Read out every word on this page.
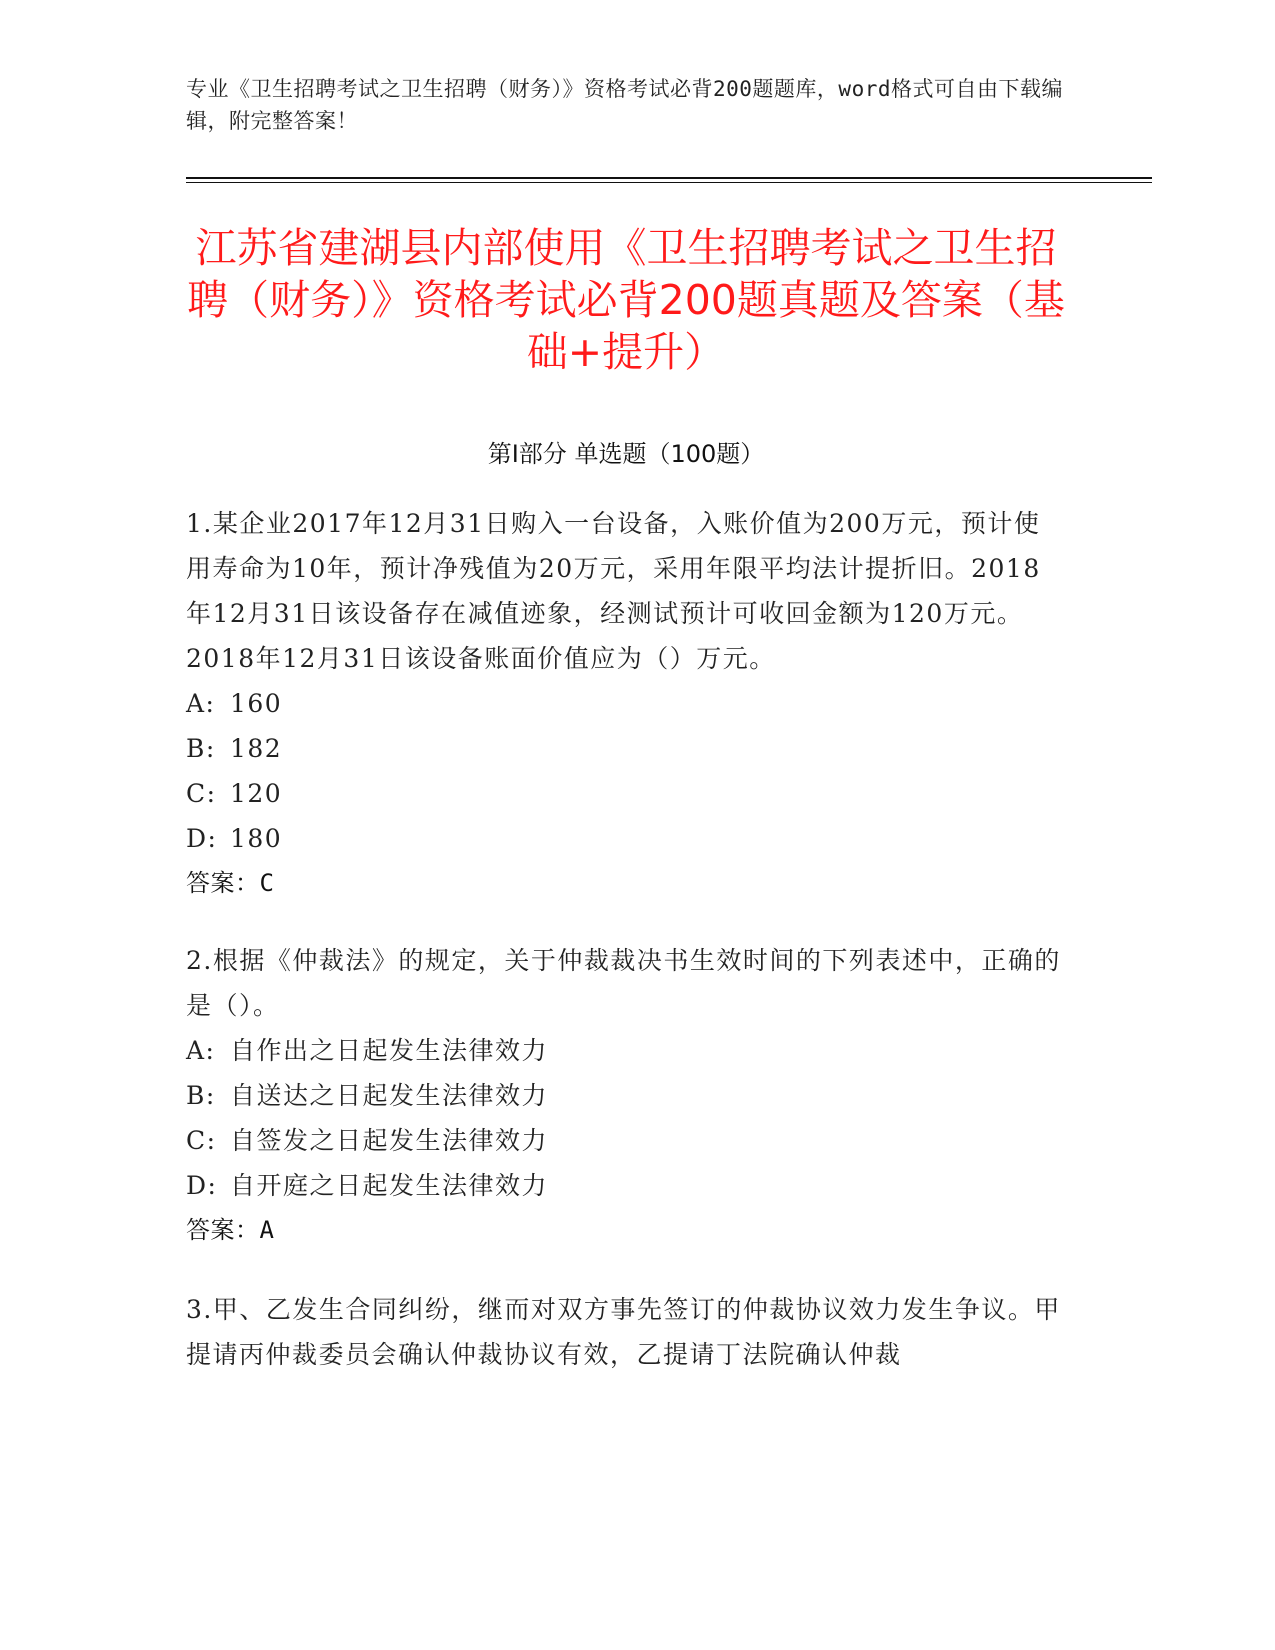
专业《卫生招聘考试之卫生招聘（财务）》资格考试必背200题题库，word格式可自由下载编辑，附完整答案！
江苏省建湖县内部使用《卫生招聘考试之卫生招聘（财务）》资格考试必背200题真题及答案（基础+提升）
第Ⅰ部分 单选题（100题）
1.某企业2017年12月31日购入一台设备，入账价值为200万元，预计使用寿命为10年，预计净残值为20万元，采用年限平均法计提折旧。2018年12月31日该设备存在减值迹象，经测试预计可收回金额为120万元。2018年12月31日该设备账面价值应为（）万元。
A: 160
B: 182
C: 120
D: 180
答案：C
2.根据《仲裁法》的规定，关于仲裁裁决书生效时间的下列表述中，正确的是（）。
A: 自作出之日起发生法律效力
B: 自送达之日起发生法律效力
C: 自签发之日起发生法律效力
D: 自开庭之日起发生法律效力
答案：A
3.甲、乙发生合同纠纷，继而对双方事先签订的仲裁协议效力发生争议。甲提请丙仲裁委员会确认仲裁协议有效，乙提请丁法院确认仲裁
